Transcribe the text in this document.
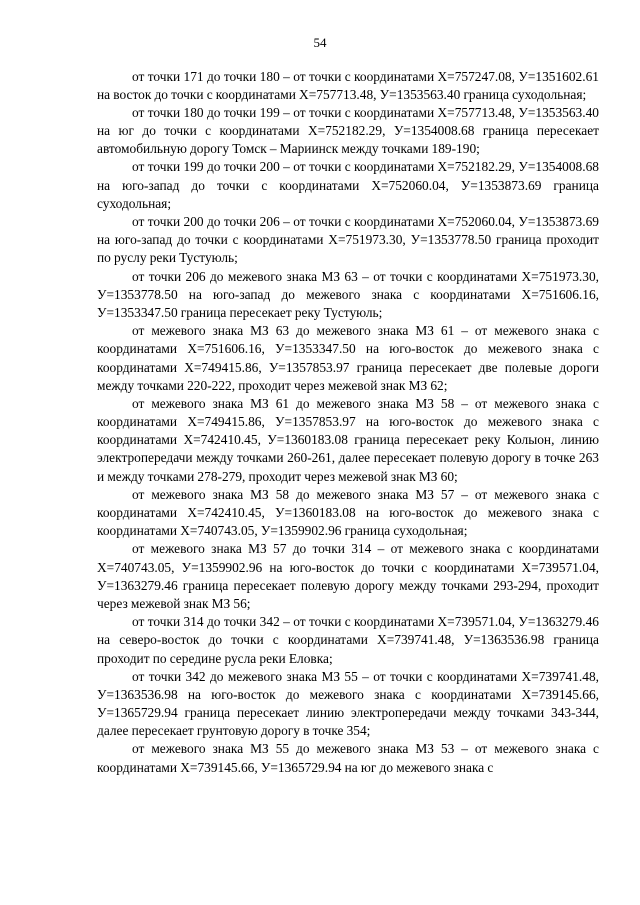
54

от точки 171 до точки 180 – от точки с координатами Х=757247.08, У=1351602.61 на восток до точки с координатами Х=757713.48, У=1353563.40 граница суходольная;

от точки 180 до точки 199 – от точки с координатами Х=757713.48, У=1353563.40 на юг до точки с координатами Х=752182.29, У=1354008.68 граница пересекает автомобильную дорогу Томск – Мариинск между точками 189-190;

от точки 199 до точки 200 – от точки с координатами Х=752182.29, У=1354008.68 на юго-запад до точки с координатами Х=752060.04, У=1353873.69 граница суходольная;

от точки 200 до точки 206 – от точки с координатами Х=752060.04, У=1353873.69 на юго-запад до точки с координатами Х=751973.30, У=1353778.50 граница проходит по руслу реки Тустуюль;

от точки 206 до межевого знака МЗ 63 – от точки с координатами Х=751973.30, У=1353778.50 на юго-запад до межевого знака с координатами Х=751606.16, У=1353347.50 граница пересекает реку Тустуюль;

от межевого знака МЗ 63 до межевого знака МЗ 61 – от межевого знака с координатами Х=751606.16, У=1353347.50 на юго-восток до межевого знака с координатами Х=749415.86, У=1357853.97 граница пересекает две полевые дороги между точками 220-222, проходит через межевой знак МЗ 62;

от межевого знака МЗ 61 до межевого знака МЗ 58 – от межевого знака с координатами Х=749415.86, У=1357853.97 на юго-восток до межевого знака с координатами Х=742410.45, У=1360183.08 граница пересекает реку Колыон, линию электропередачи между точками 260-261, далее пересекает полевую дорогу в точке 263 и между точками 278-279, проходит через межевой знак МЗ 60;

от межевого знака МЗ 58 до межевого знака МЗ 57 – от межевого знака с координатами Х=742410.45, У=1360183.08 на юго-восток до межевого знака с координатами Х=740743.05, У=1359902.96 граница суходольная;

от межевого знака МЗ 57 до точки 314 – от межевого знака с координатами Х=740743.05, У=1359902.96 на юго-восток до точки с координатами Х=739571.04, У=1363279.46 граница пересекает полевую дорогу между точками 293-294, проходит через межевой знак МЗ 56;

от точки 314 до точки 342 – от точки с координатами Х=739571.04, У=1363279.46 на северо-восток до точки с координатами Х=739741.48, У=1363536.98 граница проходит по середине русла реки Еловка;

от точки 342 до межевого знака МЗ 55 – от точки с координатами Х=739741.48, У=1363536.98 на юго-восток до межевого знака с координатами Х=739145.66, У=1365729.94 граница пересекает линию электропередачи между точками 343-344, далее пересекает грунтовую дорогу в точке 354;

от межевого знака МЗ 55 до межевого знака МЗ 53 – от межевого знака с координатами Х=739145.66, У=1365729.94 на юг до межевого знака с
